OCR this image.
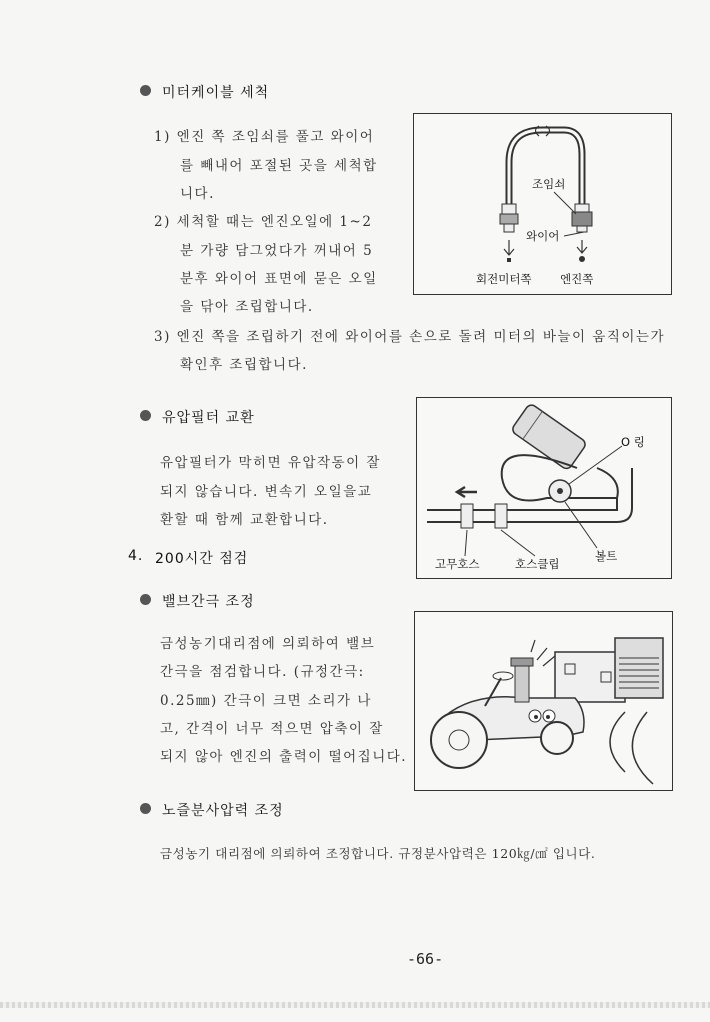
미터케이블 세척
1) 엔진 쪽 조임쇠를 풀고 와이어
를 빼내어 포절된 곳을 세척합
니다.
2) 세척할 때는 엔진오일에 1~2
분 가량 담그었다가 꺼내어 5
분후 와이어 표면에 묻은 오일
을 닦아 조립합니다.
3) 엔진 쪽을 조립하기 전에 와이어를 손으로 돌려 미터의 바늘이 움직이는가
확인후 조립합니다.
조임쇠
와이어
회전미터쪽 엔진쪽
유압필터 교환
유압필터가 막히면 유압작동이 잘
되지 않습니다. 변속기 오일을교
환할 때 함께 교환합니다.
O 링
고무호스	호스클립
볼트
4. 200시간 점검
밸브간극 조정
금성농기대리점에 의뢰하여 밸브
간극을 점검합니다. (규정간극:
0.25㎜) 간극이 크면 소리가 나
고, 간격이 너무 적으면 압축이 잘
되지 않아 엔진의 출력이 떨어집니다.
노즐분사압력 조정
금성농기 대리점에 의뢰하여 조정합니다. 규정분사압력은 120㎏/㎠ 입니다.
-66-
